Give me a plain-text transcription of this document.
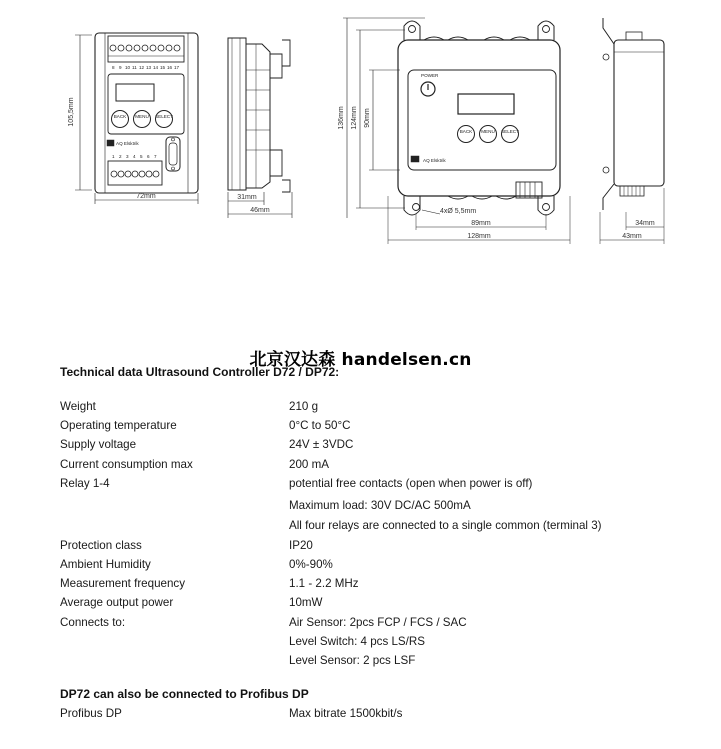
105,5mm
8 9 10 11 12 13 14 15 16 17
BACK MENU SELECT
AQ Elsktrik
1 2 3 4 5 6 7
72mm	31mm
46mm
136mm 124mm 90mm
POWER
BACK MENU SELECT
AQ Elsktrik
4xØ 5,5mm
89mm
128mm
34mm
43mm
北京汉达森 handelsen.cn
Technical data Ultrasound Controller D72 / DP72:
Weight	210 g
Operating temperature	0°C to 50°C
Supply voltage	24V ± 3VDC
Current consumption max	200 mA
Relay 1-4	potential free contacts (open when power is off)
Maximum load: 30V DC/AC 500mA
All four relays are connected to a single common (terminal 3)
Protection class	IP20
Ambient Humidity	0%-90%
Measurement frequency	1.1 - 2.2 MHz
Average output power	10mW
Connects to:	Air Sensor: 2pcs FCP / FCS / SAC
Level Switch: 4 pcs LS/RS
Level Sensor: 2 pcs LSF
DP72 can also be connected to Profibus DP
Profibus DP	Max bitrate 1500kbit/s
